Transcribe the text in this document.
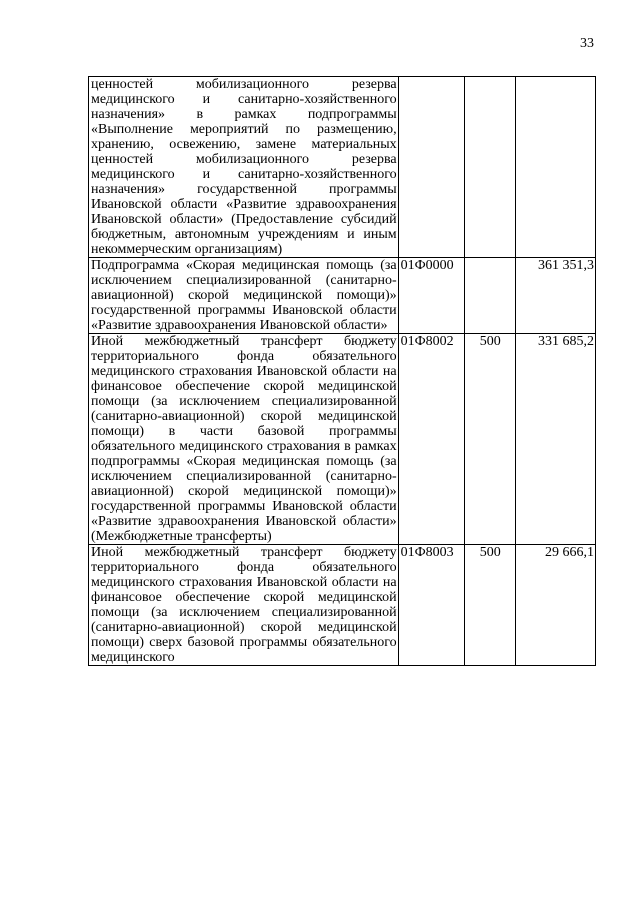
33
ценностей мобилизационного резерва медицинского и санитарно-хозяйственного назначения» в рамках подпрограммы «Выполнение мероприятий по размещению, хранению, освежению, замене материальных ценностей мобилизационного резерва медицинского и санитарно-хозяйственного назначения» государственной программы Ивановской области «Развитие здравоохранения Ивановской области» (Предоставление субсидий бюджетным, автономным учреждениям и иным некоммерческим организациям)			

Подпрограмма «Скорая медицинская помощь (за исключением специализированной (санитарно-авиационной) скорой медицинской помощи)» государственной программы Ивановской области «Развитие здравоохранения Ивановской области»	01Ф0000		361 351,3

Иной межбюджетный трансферт бюджету территориального фонда обязательного медицинского страхования Ивановской области на финансовое обеспечение скорой медицинской помощи (за исключением специализированной (санитарно-авиационной) скорой медицинской помощи) в части базовой программы обязательного медицинского страхования в рамках подпрограммы «Скорая медицинская помощь (за исключением специализированной (санитарно-авиационной) скорой медицинской помощи)» государственной программы Ивановской области «Развитие здравоохранения Ивановской области» (Межбюджетные трансферты)	01Ф8002	500	331 685,2

Иной межбюджетный трансферт бюджету территориального фонда обязательного медицинского страхования Ивановской области на финансовое обеспечение скорой медицинской помощи (за исключением специализированной (санитарно-авиационной) скорой медицинской помощи) сверх базовой программы обязательного медицинского	01Ф8003	500	29 666,1
